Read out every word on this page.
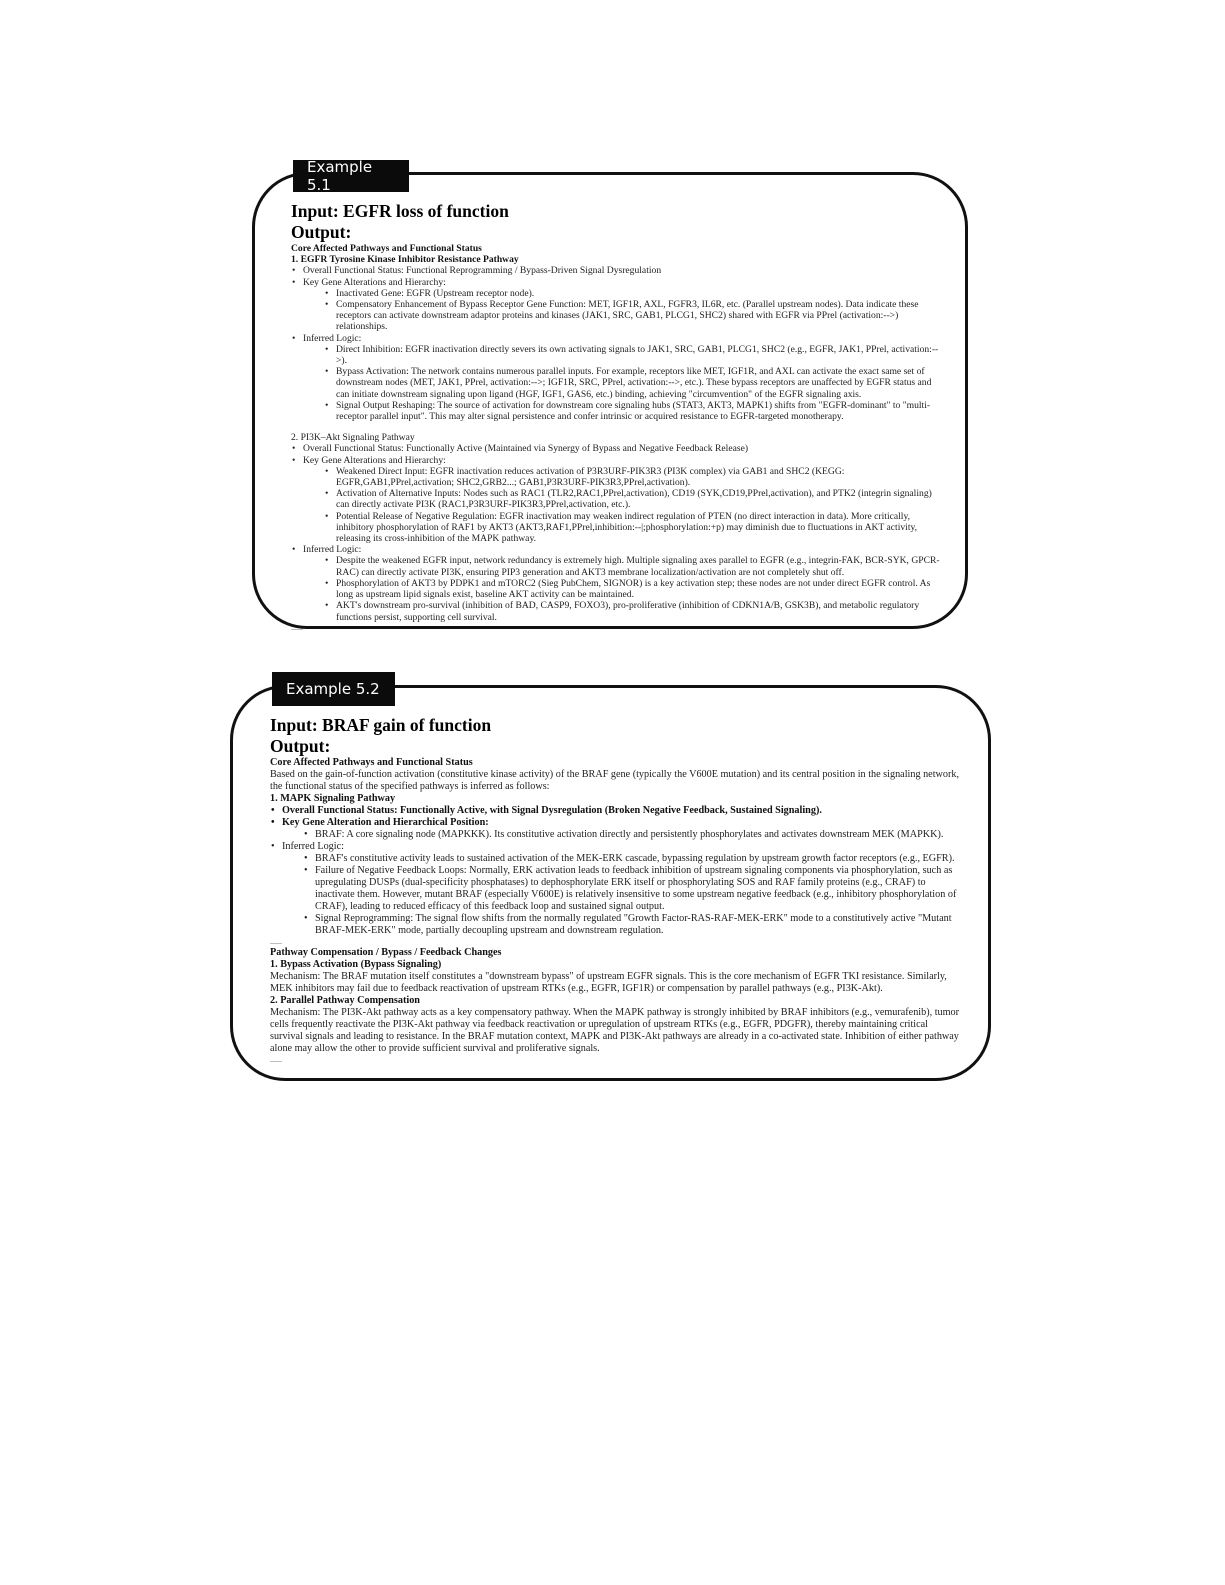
Example 5.1
Input: EGFR loss of function
Output:
Core Affected Pathways and Functional Status
1. EGFR Tyrosine Kinase Inhibitor Resistance Pathway
• Overall Functional Status: Functional Reprogramming / Bypass-Driven Signal Dysregulation
• Key Gene Alterations and Hierarchy:
• Inactivated Gene: EGFR (Upstream receptor node).
• Compensatory Enhancement of Bypass Receptor Gene Function: MET, IGF1R, AXL, FGFR3, IL6R, etc. (Parallel upstream nodes). Data indicate these receptors can activate downstream adaptor proteins and kinases (JAK1, SRC, GAB1, PLCG1, SHC2) shared with EGFR via PPrel (activation:-->) relationships.
• Inferred Logic:
• Direct Inhibition: EGFR inactivation directly severs its own activating signals to JAK1, SRC, GAB1, PLCG1, SHC2 (e.g., EGFR, JAK1, PPrel, activation:-->).
• Bypass Activation: The network contains numerous parallel inputs. For example, receptors like MET, IGF1R, and AXL can activate the exact same set of downstream nodes (MET, JAK1, PPrel, activation:-->; IGF1R, SRC, PPrel, activation:-->, etc.). These bypass receptors are unaffected by EGFR status and can initiate downstream signaling upon ligand (HGF, IGF1, GAS6, etc.) binding, achieving "circumvention" of the EGFR signaling axis.
• Signal Output Reshaping: The source of activation for downstream core signaling hubs (STAT3, AKT3, MAPK1) shifts from "EGFR-dominant" to "multi-receptor parallel input". This may alter signal persistence and confer intrinsic or acquired resistance to EGFR-targeted monotherapy.
2. PI3K–Akt Signaling Pathway
• Overall Functional Status: Functionally Active (Maintained via Synergy of Bypass and Negative Feedback Release)
• Key Gene Alterations and Hierarchy:
• Weakened Direct Input: EGFR inactivation reduces activation of P3R3URF-PIK3R3 (PI3K complex) via GAB1 and SHC2 (KEGG: EGFR,GAB1,PPrel,activation; SHC2,GRB2...; GAB1,P3R3URF-PIK3R3,PPrel,activation).
• Activation of Alternative Inputs: Nodes such as RAC1 (TLR2,RAC1,PPrel,activation), CD19 (SYK,CD19,PPrel,activation), and PTK2 (integrin signaling) can directly activate PI3K (RAC1,P3R3URF-PIK3R3,PPrel,activation, etc.).
• Potential Release of Negative Regulation: EGFR inactivation may weaken indirect regulation of PTEN (no direct interaction in data). More critically, inhibitory phosphorylation of RAF1 by AKT3 (AKT3,RAF1,PPrel,inhibition:--|;phosphorylation:+p) may diminish due to fluctuations in AKT activity, releasing its cross-inhibition of the MAPK pathway.
• Inferred Logic:
• Despite the weakened EGFR input, network redundancy is extremely high. Multiple signaling axes parallel to EGFR (e.g., integrin-FAK, BCR-SYK, GPCR-RAC) can directly activate PI3K, ensuring PIP3 generation and AKT3 membrane localization/activation are not completely shut off.
• Phosphorylation of AKT3 by PDPK1 and mTORC2 (Sieg PubChem, SIGNOR) is a key activation step; these nodes are not under direct EGFR control. As long as upstream lipid signals exist, baseline AKT activity can be maintained.
• AKT's downstream pro-survival (inhibition of BAD, CASP9, FOXO3), pro-proliferative (inhibition of CDKN1A/B, GSK3B), and metabolic regulatory functions persist, supporting cell survival.
......
Example 5.2
Input: BRAF gain of function
Output:
Core Affected Pathways and Functional Status
Based on the gain-of-function activation (constitutive kinase activity) of the BRAF gene (typically the V600E mutation) and its central position in the signaling network, the functional status of the specified pathways is inferred as follows:
1. MAPK Signaling Pathway
• Overall Functional Status: Functionally Active, with Signal Dysregulation (Broken Negative Feedback, Sustained Signaling).
• Key Gene Alteration and Hierarchical Position:
• BRAF: A core signaling node (MAPKKK). Its constitutive activation directly and persistently phosphorylates and activates downstream MEK (MAPKK).
• Inferred Logic:
• BRAF's constitutive activity leads to sustained activation of the MEK-ERK cascade, bypassing regulation by upstream growth factor receptors (e.g., EGFR).
• Failure of Negative Feedback Loops: Normally, ERK activation leads to feedback inhibition of upstream signaling components via phosphorylation, such as upregulating DUSPs (dual-specificity phosphatases) to dephosphorylate ERK itself or phosphorylating SOS and RAF family proteins (e.g., CRAF) to inactivate them. However, mutant BRAF (especially V600E) is relatively insensitive to some upstream negative feedback (e.g., inhibitory phosphorylation of CRAF), leading to reduced efficacy of this feedback loop and sustained signal output.
• Signal Reprogramming: The signal flow shifts from the normally regulated "Growth Factor-RAS-RAF-MEK-ERK" mode to a constitutively active "Mutant BRAF-MEK-ERK" mode, partially decoupling upstream and downstream regulation.
......
Pathway Compensation / Bypass / Feedback Changes
1. Bypass Activation (Bypass Signaling)
Mechanism: The BRAF mutation itself constitutes a "downstream bypass" of upstream EGFR signals. This is the core mechanism of EGFR TKI resistance. Similarly, MEK inhibitors may fail due to feedback reactivation of upstream RTKs (e.g., EGFR, IGF1R) or compensation by parallel pathways (e.g., PI3K-Akt).
2. Parallel Pathway Compensation
Mechanism: The PI3K-Akt pathway acts as a key compensatory pathway. When the MAPK pathway is strongly inhibited by BRAF inhibitors (e.g., vemurafenib), tumor cells frequently reactivate the PI3K-Akt pathway via feedback reactivation or upregulation of upstream RTKs (e.g., EGFR, PDGFR), thereby maintaining critical survival signals and leading to resistance. In the BRAF mutation context, MAPK and PI3K-Akt pathways are already in a co-activated state. Inhibition of either pathway alone may allow the other to provide sufficient survival and proliferative signals.
......
